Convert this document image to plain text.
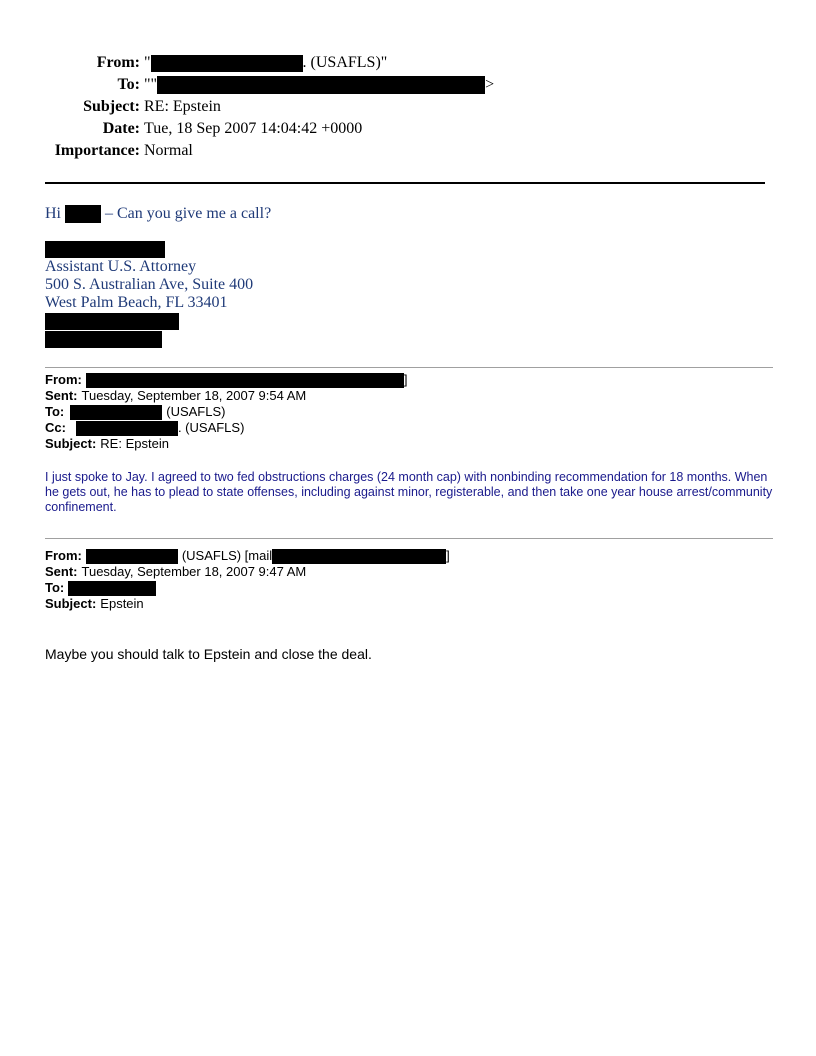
From: "	. (USAFLS)"
To: ""	>
Subject: RE: Epstein
Date: Tue, 18 Sep 2007 14:04:42 +0000
Importance: Normal
Hi	– Can you give me a call?
Assistant U.S. Attorney
500 S. Australian Ave, Suite 400
West Palm Beach, FL 33401
From:	]
Sent: Tuesday, September 18, 2007 9:54 AM
To:	(USAFLS)
Cc:	. (USAFLS)
Subject: RE: Epstein
I just spoke to Jay. I agreed to two fed obstructions charges (24 month cap) with nonbinding recommendation for 18 months. When he gets out, he has to plead to state offenses, including against minor, registerable, and then take one year house arrest/community confinement.
From:	(USAFLS) [mail	]
Sent: Tuesday, September 18, 2007 9:47 AM
To:
Subject: Epstein
Maybe you should talk to Epstein and close the deal.
